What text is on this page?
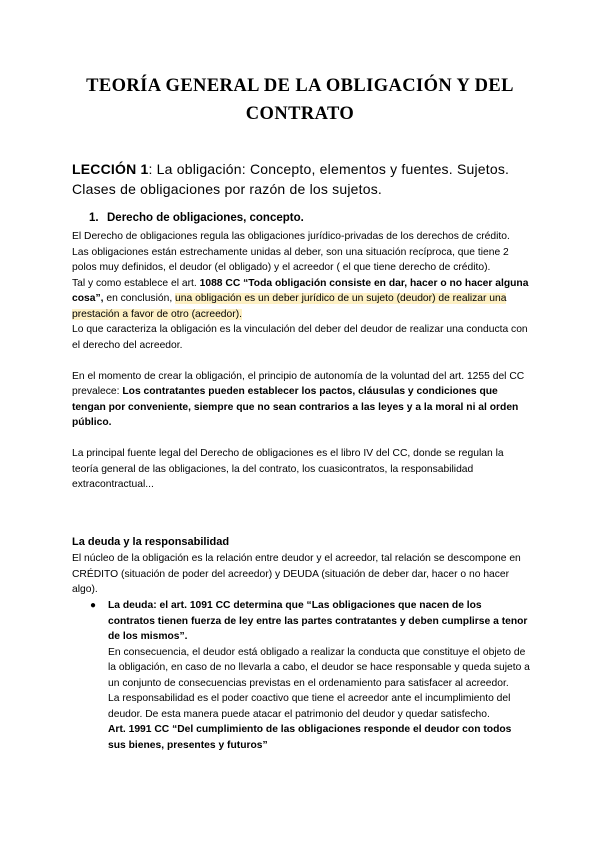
TEORÍA GENERAL DE LA OBLIGACIÓN Y DEL
CONTRATO

LECCIÓN 1: La obligación: Concepto, elementos y fuentes. Sujetos. Clases de obligaciones por razón de los sujetos.

1. Derecho de obligaciones, concepto.

El Derecho de obligaciones regula las obligaciones jurídico-privadas de los derechos de crédito.

Las obligaciones están estrechamente unidas al deber, son una situación recíproca, que tiene 2 polos muy definidos, el deudor (el obligado) y el acreedor ( el que tiene derecho de crédito).

Tal y como establece el art. 1088 CC “Toda obligación consiste en dar, hacer o no hacer alguna cosa”, en conclusión, una obligación es un deber jurídico de un sujeto (deudor) de realizar una prestación a favor de otro (acreedor).

Lo que caracteriza la obligación es la vinculación del deber del deudor de realizar una conducta con el derecho del acreedor.

En el momento de crear la obligación, el principio de autonomía de la voluntad del art. 1255 del CC prevalece: Los contratantes pueden establecer los pactos, cláusulas y condiciones que tengan por conveniente, siempre que no sean contrarios a las leyes y a la moral ni al orden público.

La principal fuente legal del Derecho de obligaciones es el libro IV del CC, donde se regulan la teoría general de las obligaciones, la del contrato, los cuasicontratos, la responsabilidad extracontractual...

La deuda y la responsabilidad

El núcleo de la obligación es la relación entre deudor y el acreedor, tal relación se descompone en CRÉDITO (situación de poder del acreedor) y DEUDA (situación de deber dar, hacer o no hacer algo).

● La deuda: el art. 1091 CC determina que “Las obligaciones que nacen de los contratos tienen fuerza de ley entre las partes contratantes y deben cumplirse a tenor de los mismos”.

En consecuencia, el deudor está obligado a realizar la conducta que constituye el objeto de la obligación, en caso de no llevarla a cabo, el deudor se hace responsable y queda sujeto a un conjunto de consecuencias previstas en el ordenamiento para satisfacer al acreedor.

La responsabilidad es el poder coactivo que tiene el acreedor ante el incumplimiento del deudor. De esta manera puede atacar el patrimonio del deudor y quedar satisfecho.

Art. 1991 CC “Del cumplimiento de las obligaciones responde el deudor con todos sus bienes, presentes y futuros”
